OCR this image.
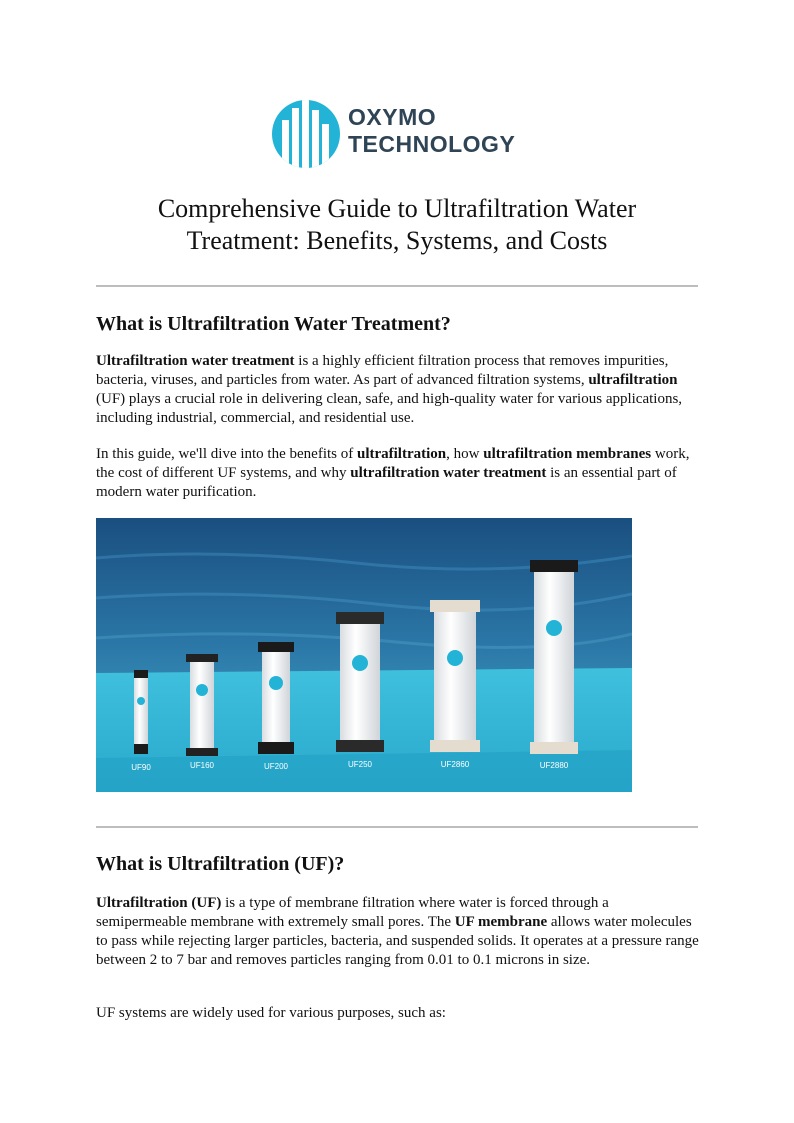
OXYMO
TECHNOLOGY
Comprehensive Guide to Ultrafiltration Water
Treatment: Benefits, Systems, and Costs
What is Ultrafiltration Water Treatment?

Ultrafiltration water treatment is a highly efficient filtration process that removes impurities, bacteria, viruses, and particles from water. As part of advanced filtration systems, ultrafiltration (UF) plays a crucial role in delivering clean, safe, and high-quality water for various applications, including industrial, commercial, and residential use.

In this guide, we'll dive into the benefits of ultrafiltration, how ultrafiltration membranes work, the cost of different UF systems, and why ultrafiltration water treatment is an essential part of modern water purification.

UF90	UF160	UF200	UF250	UF2860	UF2880
What is Ultrafiltration (UF)?

Ultrafiltration (UF) is a type of membrane filtration where water is forced through a semipermeable membrane with extremely small pores. The UF membrane allows water molecules to pass while rejecting larger particles, bacteria, and suspended solids. It operates at a pressure range between 2 to 7 bar and removes particles ranging from 0.01 to 0.1 microns in size.

UF systems are widely used for various purposes, such as:
